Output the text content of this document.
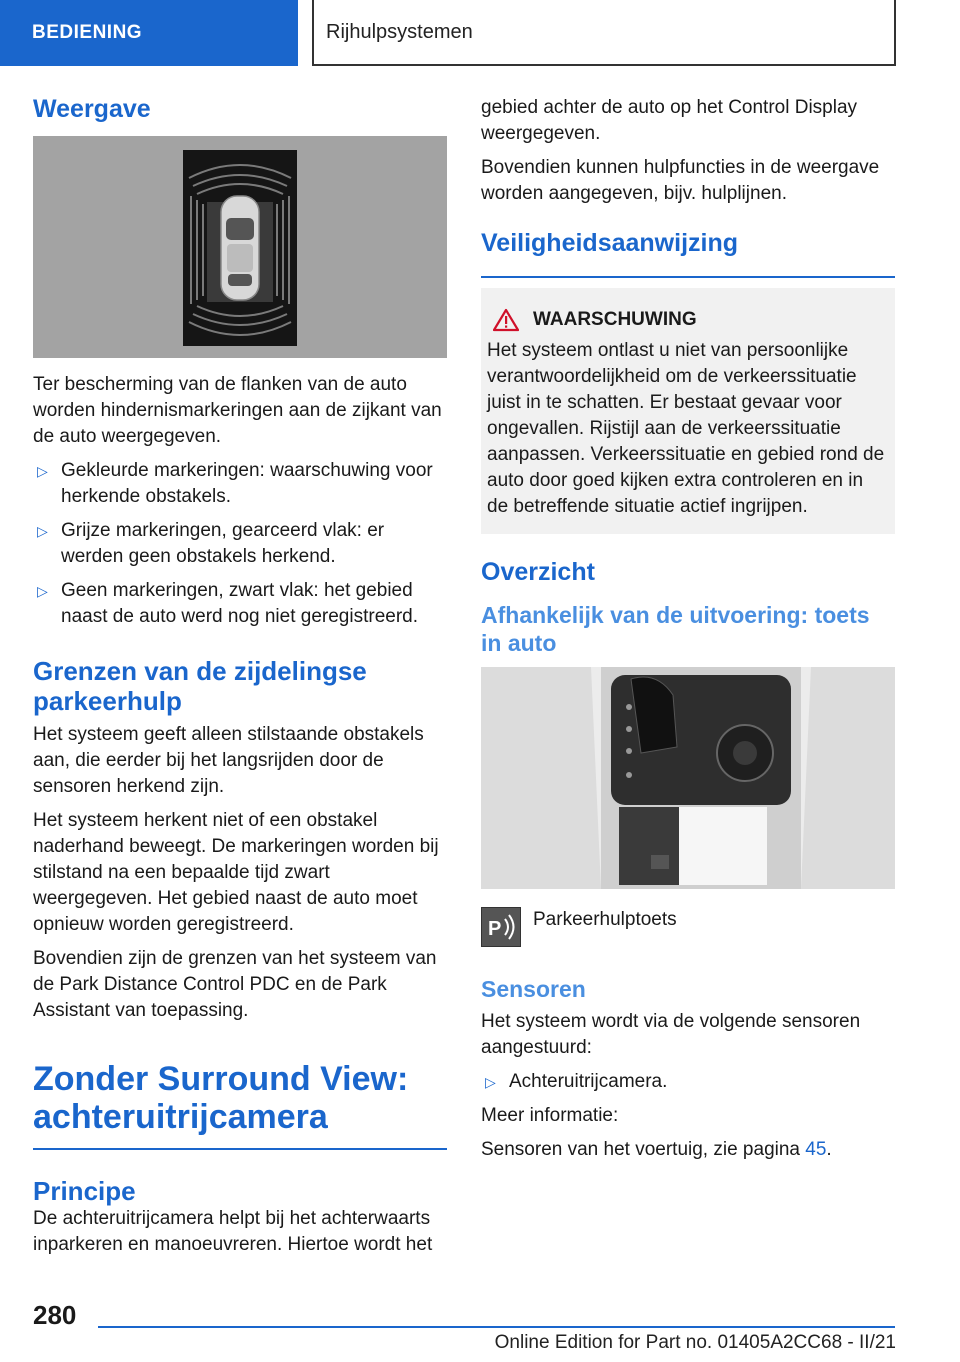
BEDIENING	Rijhulpsystemen
Weergave

Ter bescherming van de flanken van de auto worden hindernismarkeringen aan de zijkant van de auto weergegeven.

▷ Gekleurde markeringen: waarschuwing voor herkende obstakels.
▷ Grijze markeringen, gearceerd vlak: er werden geen obstakels herkend.
▷ Geen markeringen, zwart vlak: het gebied naast de auto werd nog niet geregistreerd.
Grenzen van de zijdelingse parkeerhulp

Het systeem geeft alleen stilstaande obstakels aan, die eerder bij het langsrijden door de sensoren herkend zijn.

Het systeem herkent niet of een obstakel naderhand beweegt. De markeringen worden bij stilstand na een bepaalde tijd zwart weergegeven. Het gebied naast de auto moet opnieuw worden geregistreerd.

Bovendien zijn de grenzen van het systeem van de Park Distance Control PDC en de Park Assistant van toepassing.

Zonder Surround View: achteruitrijcamera
Principe

De achteruitrijcamera helpt bij het achterwaarts inparkeren en manoeuvreren. Hiertoe wordt het

gebied achter de auto op het Control Display weergegeven.

Bovendien kunnen hulpfuncties in de weergave worden aangegeven, bijv. hulplijnen.

Veiligheidsaanwijzing
WAARSCHUWING

Het systeem ontlast u niet van persoonlijke verantwoordelijkheid om de verkeerssituatie juist in te schatten. Er bestaat gevaar voor ongevallen. Rijstijl aan de verkeerssituatie aanpassen. Verkeerssituatie en gebied rond de auto door goed kijken extra controleren en in de betreffende situatie actief ingrijpen.

Overzicht
Afhankelijk van de uitvoering: toets in auto
P Parkeerhulptoets

Sensoren

Het systeem wordt via de volgende sensoren aangestuurd:

▷ Achteruitrijcamera.

Meer informatie:

Sensoren van het voertuig, zie pagina 45.

280
Online Edition for Part no. 01405A2CC68 - II/21
